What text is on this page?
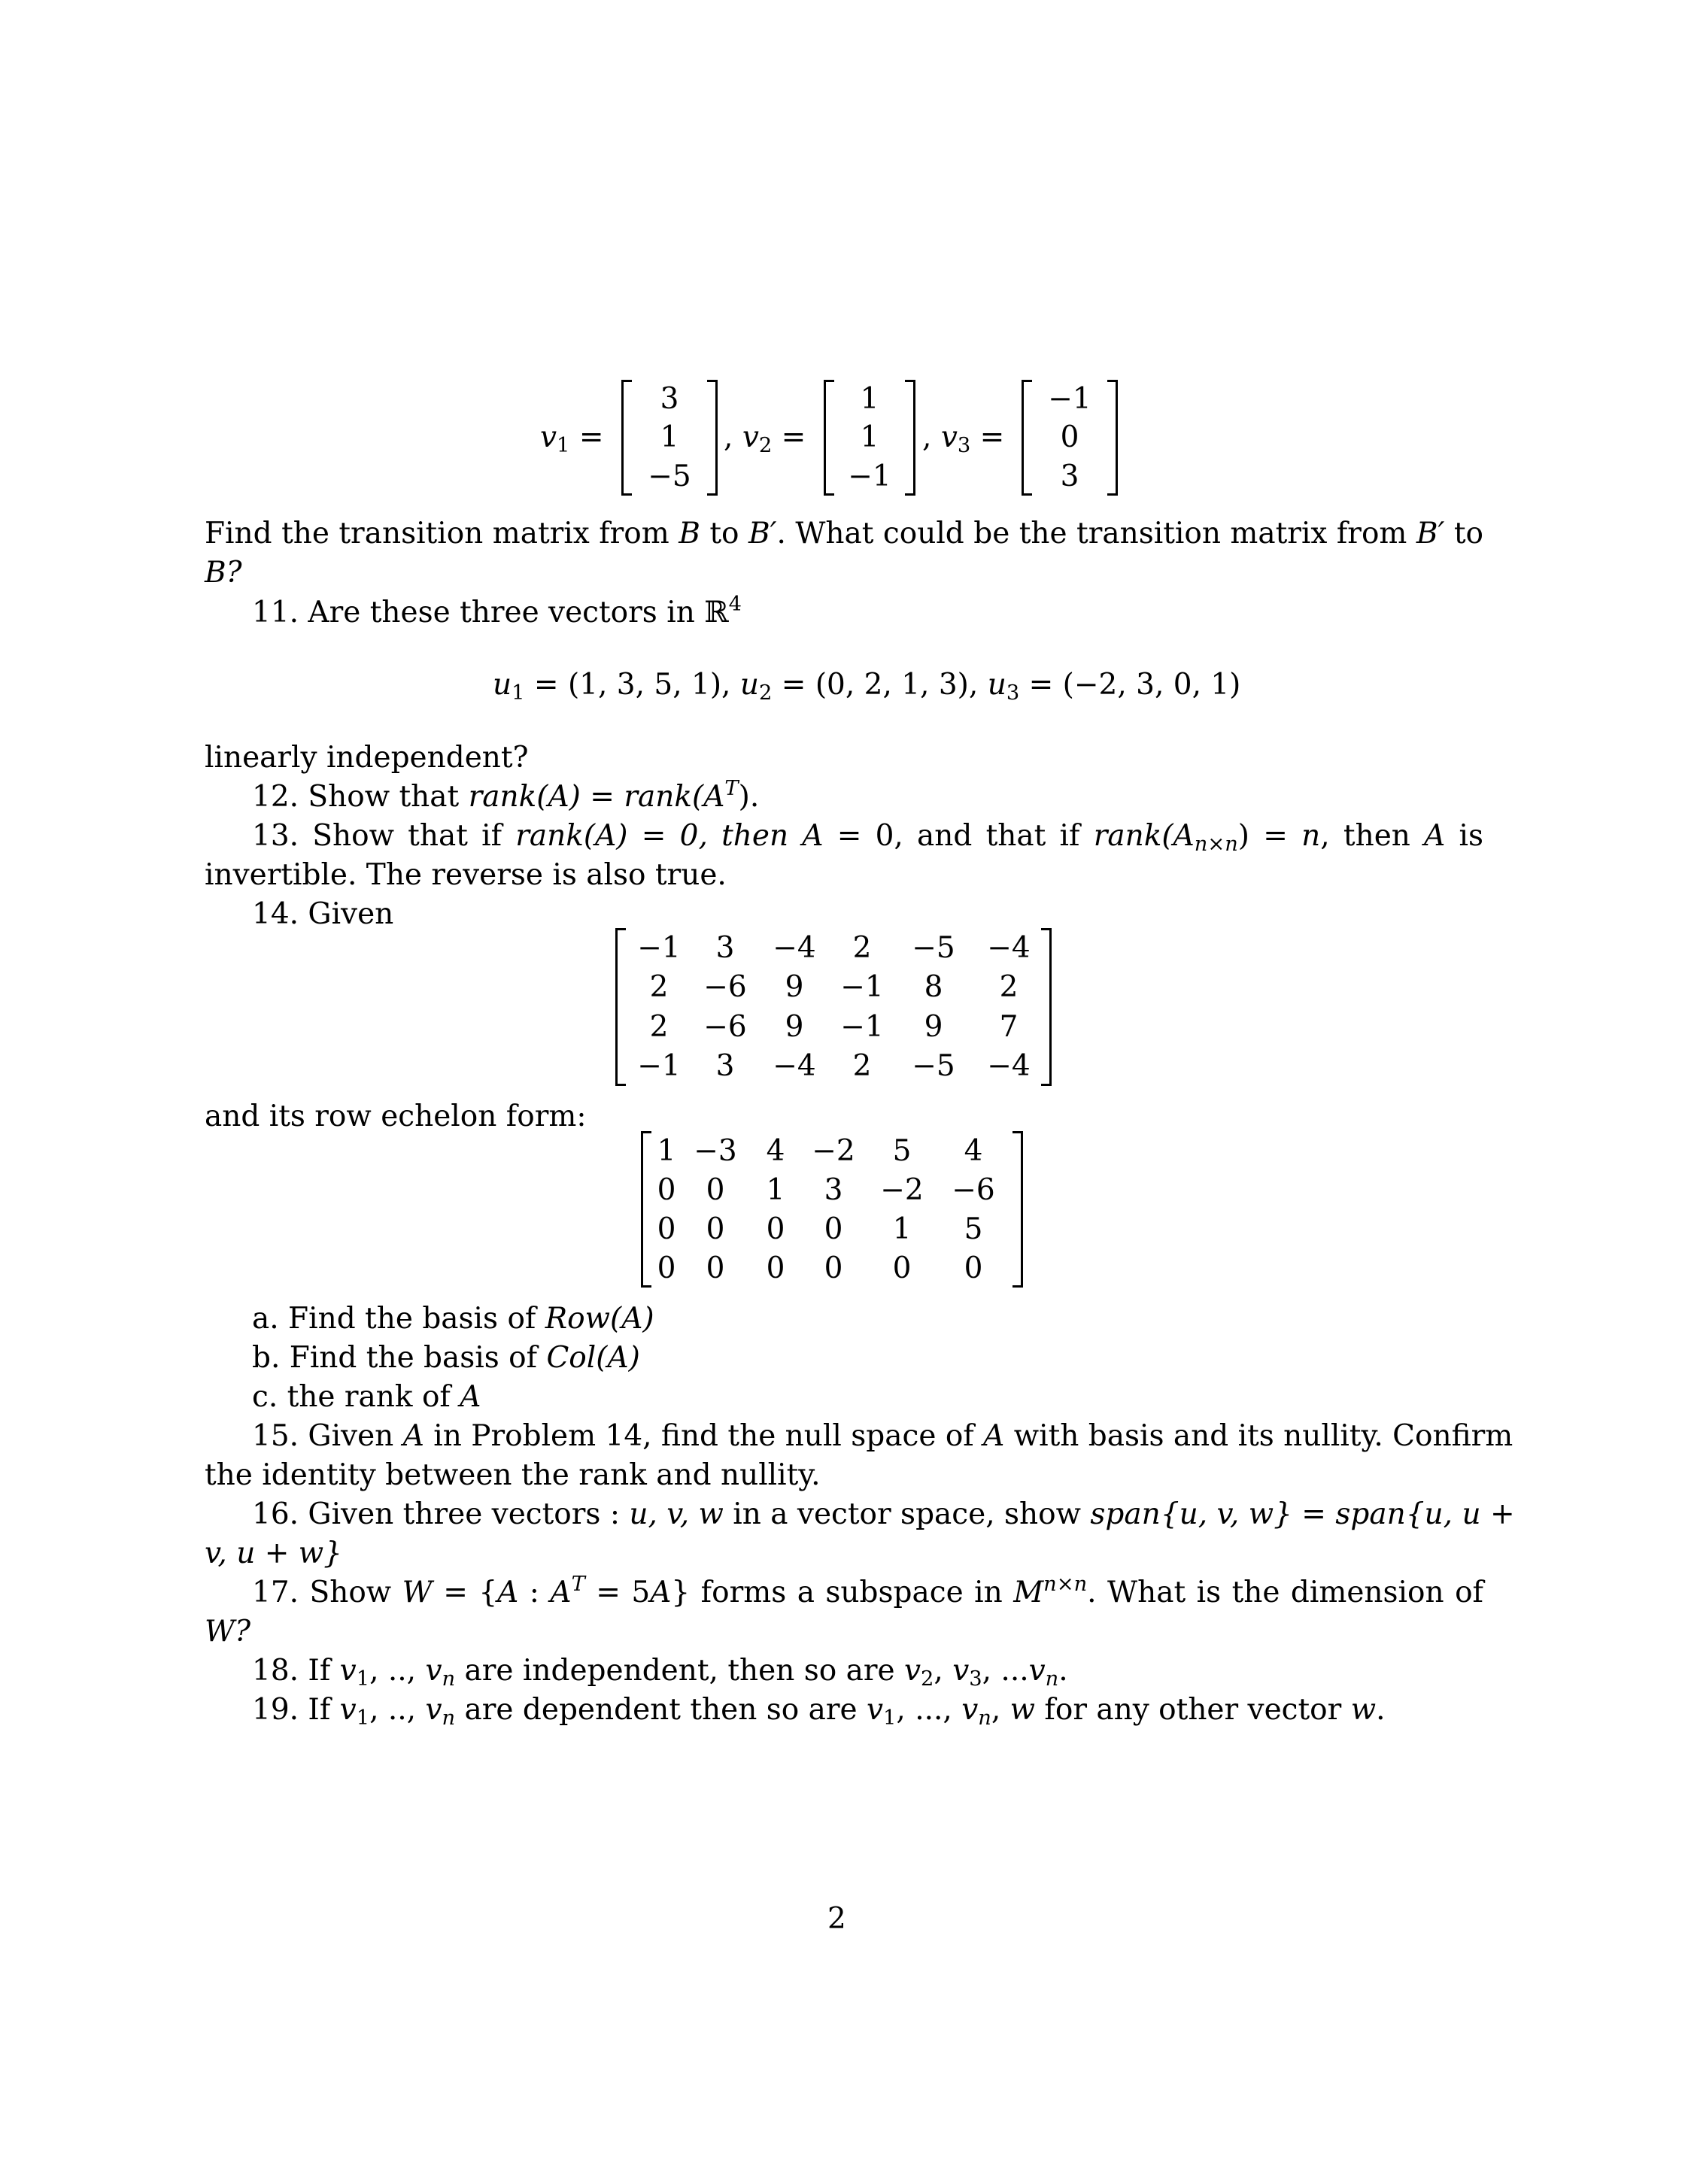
$v_1$ =
3
1
−5
, $v_2$ =
1
1
−1
, $v_3$ =
−1
0
3
Find the transition matrix from B to B′. What could be the transition matrix from B′ to
B?
11. Are these three vectors in ℝ$^4$
$u_1 = (1$, 3, 5, 1), $u_2 = (0$, 2, 1, 3), $u_3 = (-2$, 3, 0, 1)
linearly independent?
12. Show that rank(A) = $rank(A^T)$.
13. Show that if rank(A) = 0, then A = 0, and that if $rank(A_{n\times n}) = n$, then A is
invertible. The reverse is also true.
14. Given
−1 3 −4 2 −5 −4
2 −6 9 −1 8 2
2 −6 9 −1 9 7
−1 3 −4 2 −5 −4
and its row echelon form:
1 −3 4 −2 5 4
0 0 1 3 −2 −6
0 0 0 0 1 5
0 0 0 0 0 0
a. Find the basis of Row(A)
b. Find the basis of Col(A)
c. the rank of A
15. Given A in Problem 14, find the null space of A with basis and its nullity. Confirm
the identity between the rank and nullity.
16. Given three vectors : u, v, w in a vector space, show span{u, v, w} = span{u, u +
v, u + w}
17. Show W = {A : $A^T = 5A$} forms a subspace in $M^{n\times n}$. What is the dimension of
W?
18. If $v_1$, .., $v_n$ are independent, then so are $v_2$, $v_3$, $...v_n$.
19. If $v_1$, .., $v_n$ are dependent then so are $v_1$, ..., $v_n$, w for any other vector w.
2
